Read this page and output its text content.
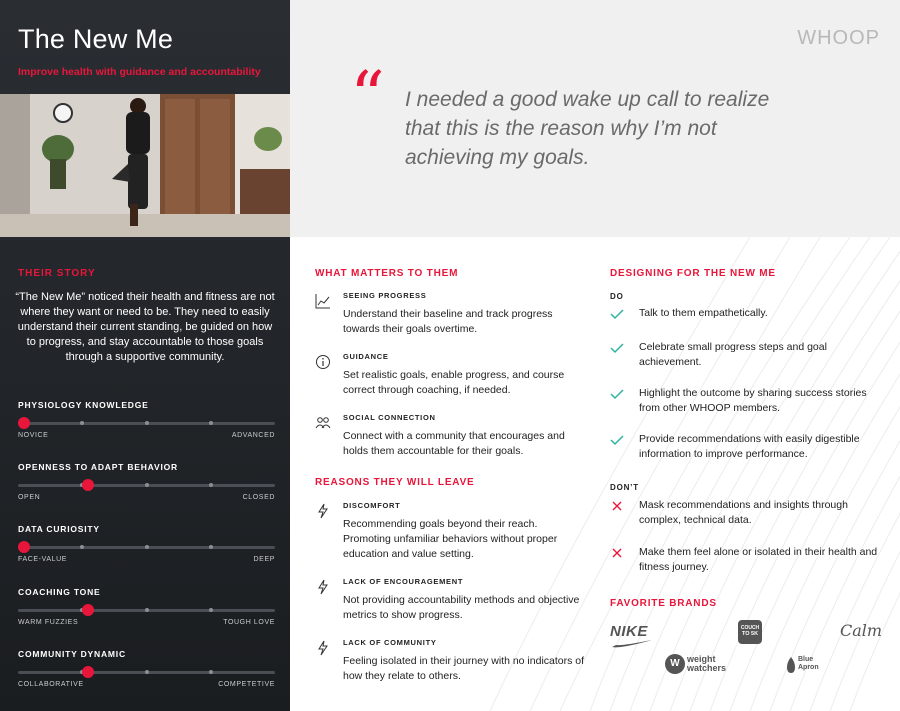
The New Me
Improve health with guidance and accountability
THEIR STORY

“The New Me” noticed their health and fitness are not where they want or need to be. They need to easily understand their current standing, be guided on how to progress, and stay accountable to those goals through a supportive community.

PHYSIOLOGY KNOWLEDGE
NOVICE	ADVANCED
OPENNESS TO ADAPT BEHAVIOR
OPEN	CLOSED
DATA CURIOSITY
FACE-VALUE	DEEP
COACHING TONE
WARM FUZZIES	TOUGH LOVE
COMMUNITY DYNAMIC
COLLABORATIVE	COMPETETIVE
WHOOP
“ I needed a good wake up call to realize that this is the reason why I’m not achieving my goals.

WHAT MATTERS TO THEM
SEEING PROGRESS
Understand their baseline and track progress towards their goals overtime.
GUIDANCE
Set realistic goals, enable progress, and course correct through coaching, if needed.
SOCIAL CONNECTION
Connect with a community that encourages and holds them accountable for their goals.
REASONS THEY WILL LEAVE
DISCOMFORT
Recommending goals beyond their reach. Promoting unfamiliar behaviors without proper education and value setting.
LACK OF ENCOURAGEMENT
Not providing accountability methods and objective metrics to show progress.
LACK OF COMMUNITY
Feeling isolated in their journey with no indicators of how they relate to others.
DESIGNING FOR THE NEW ME
DO
Talk to them empathetically.
Celebrate small progress steps and goal achievement.
Highlight the outcome by sharing success stories from other WHOOP members.
Provide recommendations with easily digestible information to improve performance.
DON’T
Mask recommendations and insights through complex, technical data.
Make them feel alone or isolated in their health and fitness journey.
FAVORITE BRANDS
NIKE	COUCH
TO 5K	Calm
W weight
watchers
Blue
Apron
